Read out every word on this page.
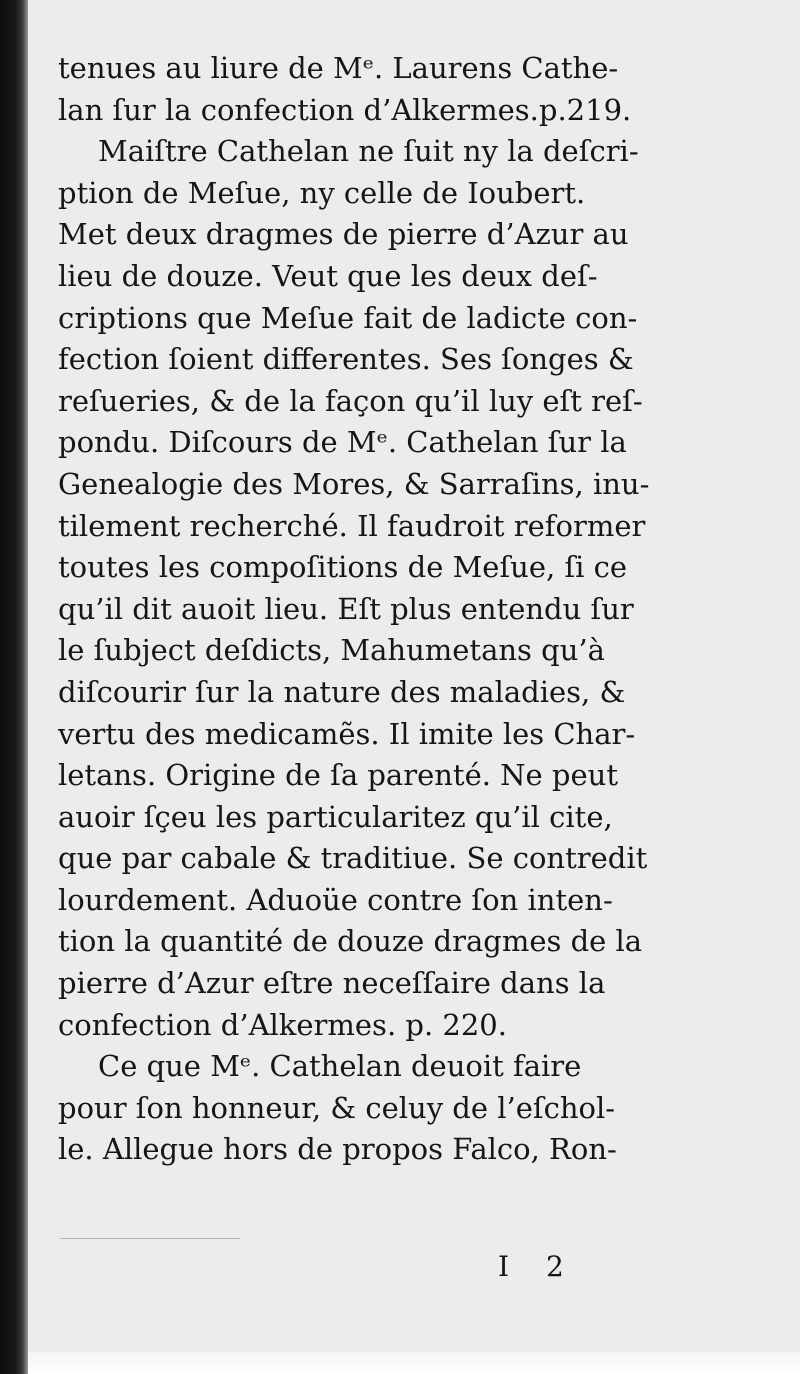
tenues au liure de Mᵉ. Laurens Cathe-
lan ſur la confection d’Alkermes.p.219.
Maiſtre Cathelan ne ſuit ny la deſcri-
ption de Meſue, ny celle de Ioubert.
Met deux dragmes de pierre d’Azur au
lieu de douze. Veut que les deux deſ-
criptions que Meſue fait de ladicte con-
fection ſoient differentes. Ses ſonges &
reſueries, & de la façon qu’il luy eſt reſ-
pondu. Diſcours de Mᵉ. Cathelan ſur la
Genealogie des Mores, & Sarraſins, inu-
tilement recherché. Il faudroit reformer
toutes les compoſitions de Meſue, ſi ce
qu’il dit auoit lieu. Eſt plus entendu ſur
le ſubject deſdicts, Mahumetans qu’à
diſcourir ſur la nature des maladies, &
vertu des medicamẽs. Il imite les Char-
letans. Origine de ſa parenté. Ne peut
auoir ſçeu les particularitez qu’il cite,
que par cabale & traditiue. Se contredit
lourdement. Aduoüe contre ſon inten-
tion la quantité de douze dragmes de la
pierre d’Azur eſtre neceſſaire dans la
confection d’Alkermes. p. 220.
Ce que Mᵉ. Cathelan deuoit faire
pour ſon honneur, & celuy de l’eſchol-
le. Allegue hors de propos Falco, Ron-
I 2
